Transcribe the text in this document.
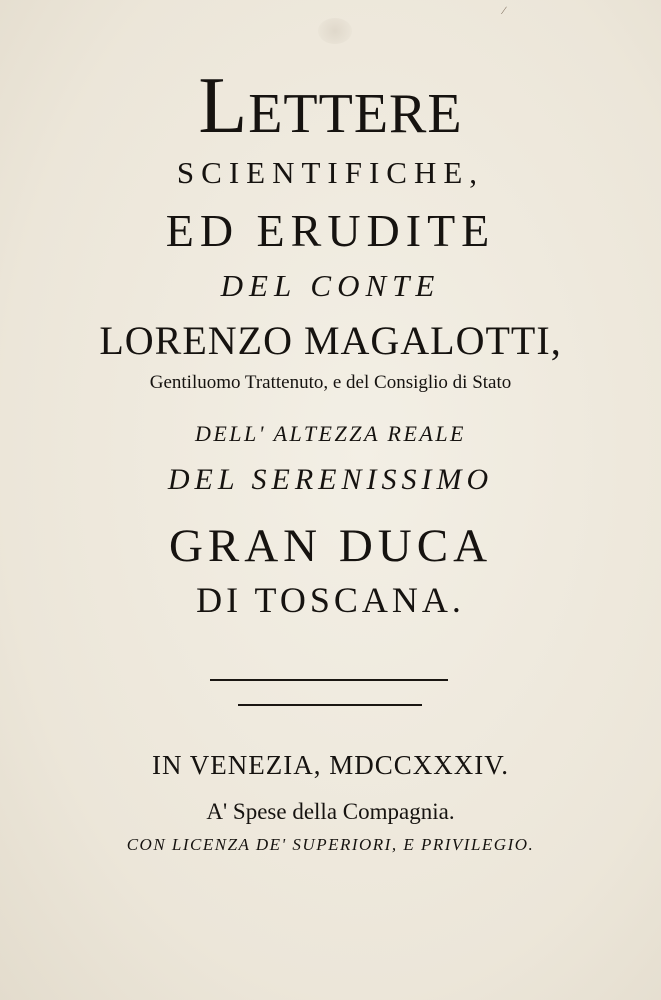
∕
Lettere
SCIENTIFICHE,
ED ERUDITE
DEL CONTE
LORENZO MAGALOTTI,
Gentiluomo Trattenuto, e del Consiglio di Stato
DELL' ALTEZZA REALE
DEL SERENISSIMO
GRAN DUCA
DI TOSCANA.
IN VENEZIA, MDCCXXXIV.
A' Spese della Compagnia.
CON LICENZA DE' SUPERIORI, E PRIVILEGIO.
